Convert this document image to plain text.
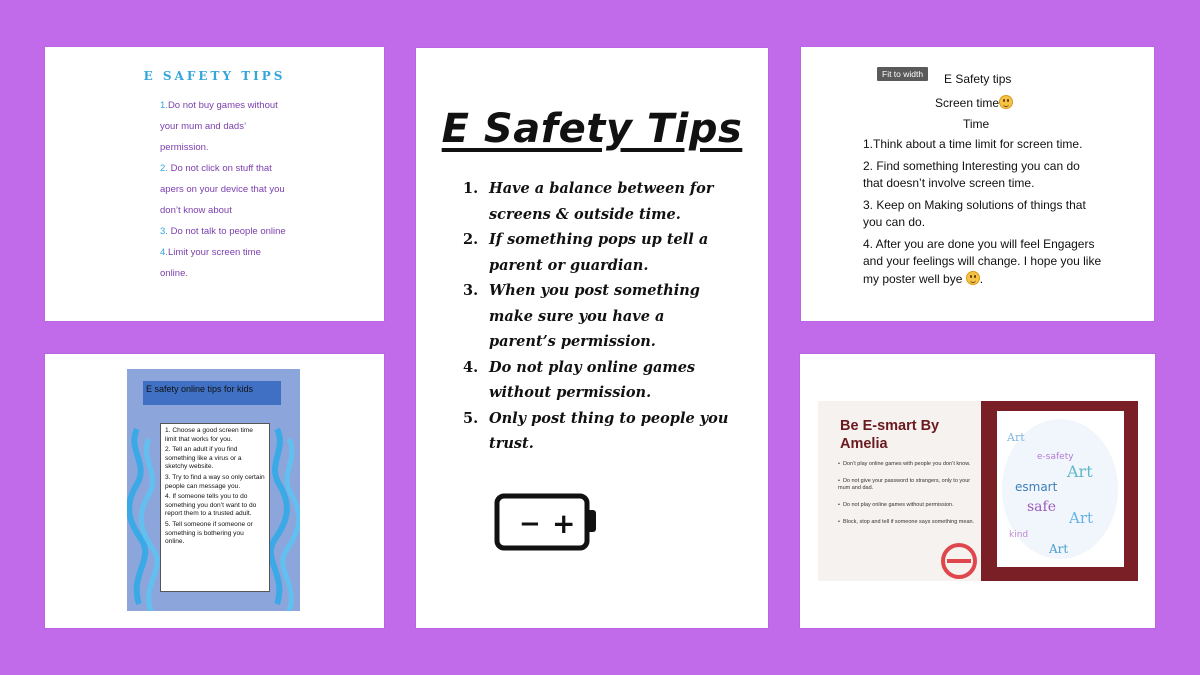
E SAFETY TIPS
1.Do not buy games without
your mum and dads’
permission.
2. Do not click on stuff that
apers on your device that you
don’t know about
3. Do not talk to people online
4.Limit your screen time
online.
E Safety Tips
1. Have a balance between for screens & outside time.
2. If something pops up tell a parent or guardian.
3. When you post something make sure you have a parent’s permission.
4. Do not play online games without permission.
5. Only post thing to people you trust.
− +
Fit to width	E Safety tips
Screen time
Time

1.Think about a time limit for screen time.

2. Find something Interesting you can do that doesn’t involve screen time.

3. Keep on Making solutions of things that you can do.

4. After you are done you will feel Engagers and your feelings will change. I hope you like my poster well bye .

E safety online tips for kids

1. Choose a good screen time limit that works for you.

2. Tell an adult if you find something like a virus or a sketchy website.

3. Try to find a way so only certain people can message you.

4. If someone tells you to do something you don’t want to do report them to a trusted adult.

5. Tell someone if someone or something is bothering you online.

Be E-smart By Amelia
• Don’t play online games with people you don’t know.
• Do not give your password to strangers, only to your mum and dad.
• Do not play online games without permission.
• Block, stop and tell if someone says something mean.
Art
e-safety
Art
esmart
safe
Art
kind
Art
